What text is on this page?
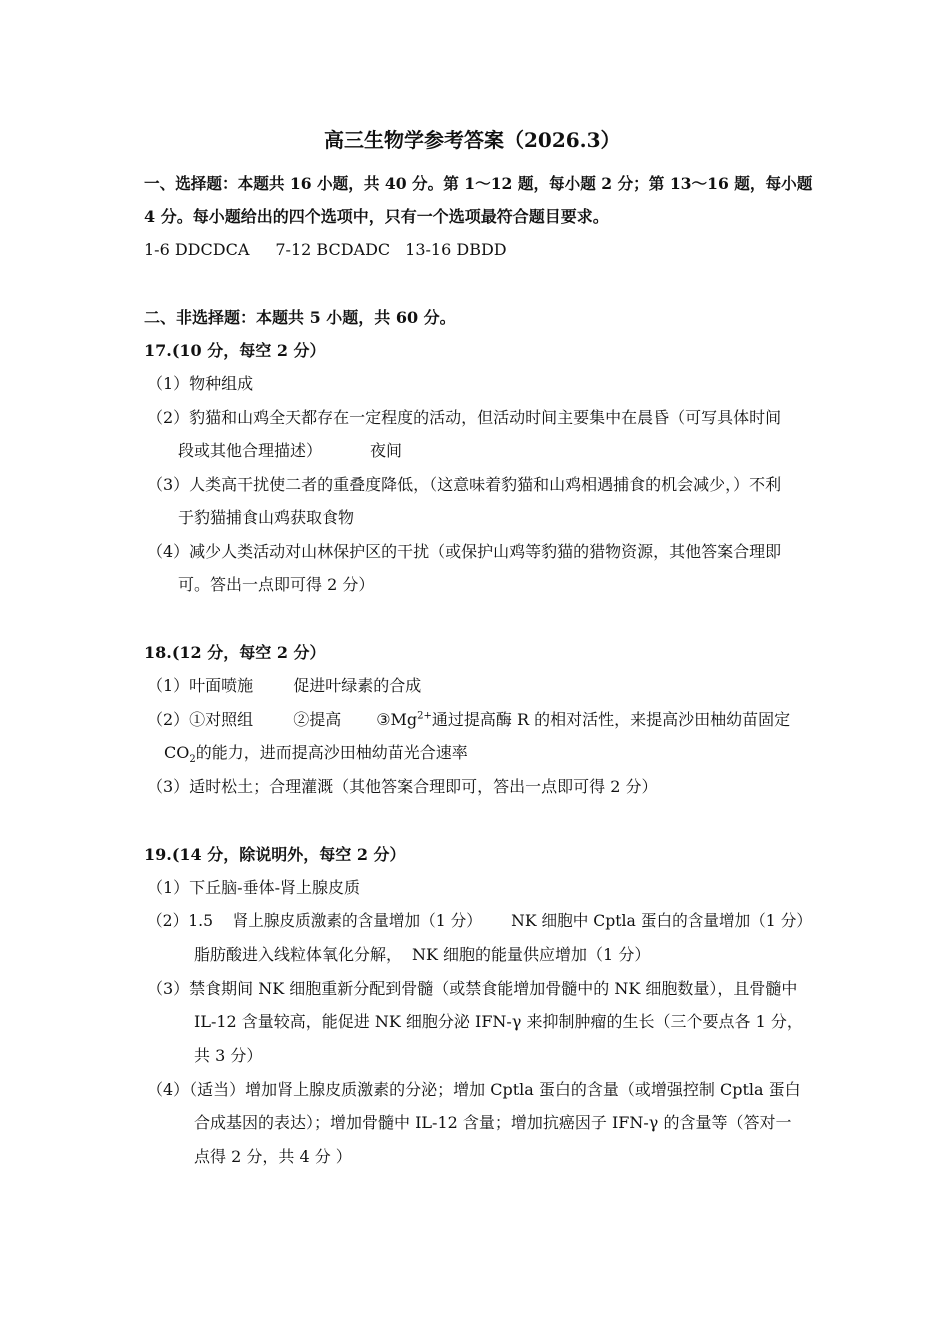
高三生物学参考答案（2026.3）
一、选择题：本题共 16 小题，共 40 分。第 1～12 题，每小题 2 分；第 13～16 题，每小题
4 分。每小题给出的四个选项中，只有一个选项最符合题目要求。
1-6 DDCDCA 7-12 BCDADC 13-16 DBDD
二、非选择题：本题共 5 小题，共 60 分。
17.(10 分，每空 2 分）
（1）物种组成
（2）豹猫和山鸡全天都存在一定程度的活动，但活动时间主要集中在晨昏（可写具体时间
段或其他合理描述）	夜间
（3）人类高干扰使二者的重叠度降低，（这意味着豹猫和山鸡相遇捕食的机会减少，）不利
于豹猫捕食山鸡获取食物
（4）减少人类活动对山林保护区的干扰（或保护山鸡等豹猫的猎物资源，其他答案合理即
可。答出一点即可得 2 分）
18.(12 分，每空 2 分）
（1）叶面喷施	促进叶绿素的合成
（2）①对照组	②提高 $③Mg^{2+}$通过提高酶 R 的相对活性，来提高沙田柚幼苗固定
$CO_2$的能力，进而提高沙田柚幼苗光合速率
（3）适时松土；合理灌溉（其他答案合理即可，答出一点即可得 2 分）
19.(14 分，除说明外，每空 2 分）
（1）下丘脑-垂体-肾上腺皮质
（2）1.5 肾上腺皮质激素的含量增加（1 分） NK 细胞中 Cptla 蛋白的含量增加（1 分）
脂肪酸进入线粒体氧化分解， NK 细胞的能量供应增加（1 分）
（3）禁食期间 NK 细胞重新分配到骨髓（或禁食能增加骨髓中的 NK 细胞数量），且骨髓中
IL-12 含量较高，能促进 NK 细胞分泌 IFN-γ 来抑制肿瘤的生长（三个要点各 1 分，
共 3 分）
（4）（适当）增加肾上腺皮质激素的分泌；增加 Cptla 蛋白的含量（或增强控制 Cptla 蛋白
合成基因的表达）；增加骨髓中 IL-12 含量；增加抗癌因子 IFN-γ 的含量等（答对一
点得 2 分，共 4 分 ）
